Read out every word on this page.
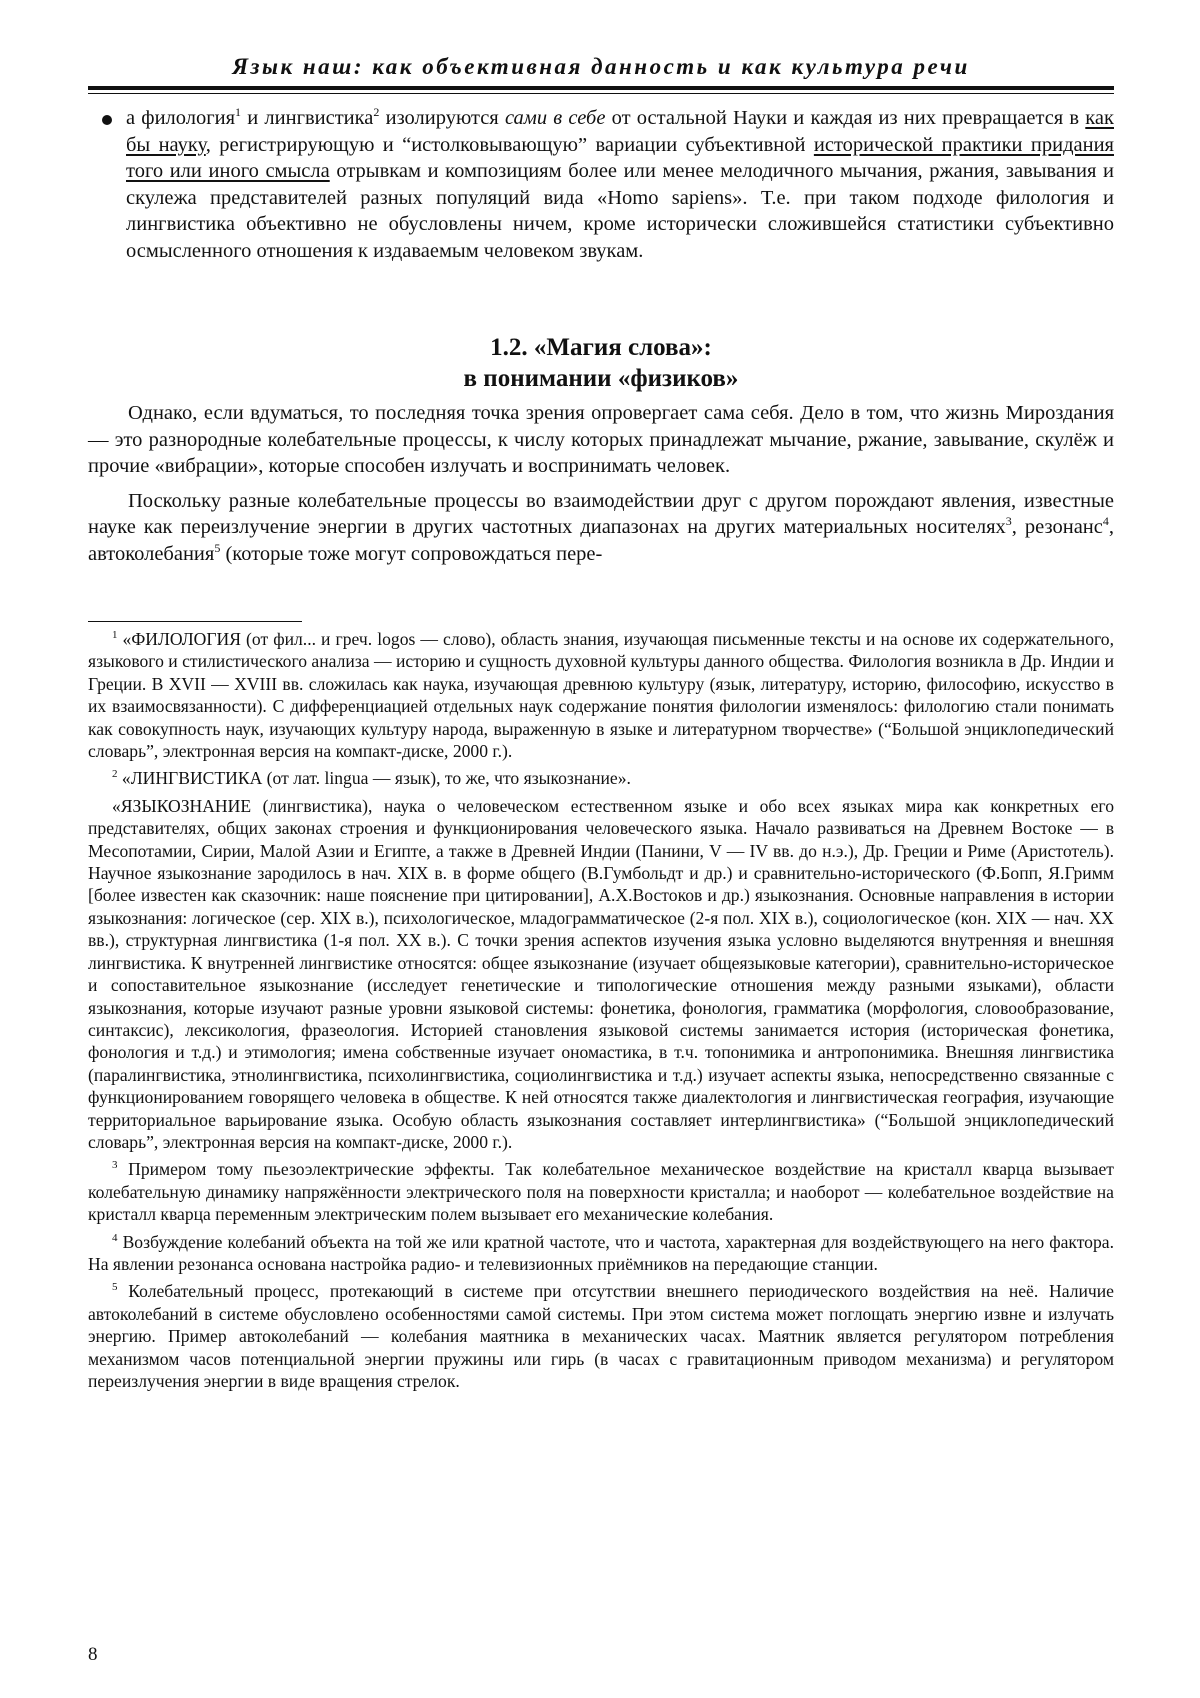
Язык наш: как объективная данность и как культура речи
а филология$^1$ и лингвистика$^2$ изолируются сами в себе от остальной Науки и каждая из них превращается в как бы науку, регистрирующую и “истолковывающую” вариации субъективной исторической практики придания того или иного смысла отрывкам и композициям более или менее мелодичного мычания, ржания, завывания и скулежа представителей разных популяций вида «Homo sapiens». Т.е. при таком подходе филология и лингвистика объективно не обусловлены ничем, кроме исторически сложившейся статистики субъективно осмысленного отношения к издаваемым человеком звукам.
1.2. «Магия слова»:
в понимании «физиков»

Однако, если вдуматься, то последняя точка зрения опровергает сама себя. Дело в том, что жизнь Мироздания — это разнородные колебательные процессы, к числу которых принадлежат мычание, ржание, завывание, скулёж и прочие «вибрации», которые способен излучать и воспринимать человек.

Поскольку разные колебательные процессы во взаимодействии друг с другом порождают явления, известные науке как переизлучение энергии в других частотных диапазонах на других материальных носителях$^3$, резонанс$^4$, автоколебания$^5$ (которые тоже могут сопровождаться пере-

$^1$ «ФИЛОЛОГИЯ (от фил... и греч. logos — слово), область знания, изучающая письменные тексты и на основе их содержательного, языкового и стилистического анализа — историю и сущность духовной культуры данного общества. Филология возникла в Др. Индии и Греции. В XVII — XVIII вв. сложилась как наука, изучающая древнюю культуру (язык, литературу, историю, философию, искусство в их взаимосвязанности). С дифференциацией отдельных наук содержание понятия филологии изменялось: филологию стали понимать как совокупность наук, изучающих культуру народа, выраженную в языке и литературном творчестве» (“Большой энциклопедический словарь”, электронная версия на компакт-диске, 2000 г.).

$^2$ «ЛИНГВИСТИКА (от лат. lingua — язык), то же, что языкознание».

«ЯЗЫКОЗНАНИЕ (лингвистика), наука о человеческом естественном языке и обо всех языках мира как конкретных его представителях, общих законах строения и функционирования человеческого языка. Начало развиваться на Древнем Востоке — в Месопотамии, Сирии, Малой Азии и Египте, а также в Древней Индии (Панини, V — IV вв. до н.э.), Др. Греции и Риме (Аристотель). Научное языкознание зародилось в нач. XIX в. в форме общего (В.Гумбольдт и др.) и сравнительно-исторического (Ф.Бопп, Я.Гримм [более известен как сказочник: наше пояснение при цитировании], А.Х.Востоков и др.) языкознания. Основные направления в истории языкознания: логическое (сер. XIX в.), психологическое, младограмматическое (2-я пол. XIX в.), социологическое (кон. XIX — нач. XX вв.), структурная лингвистика (1-я пол. XX в.). С точки зрения аспектов изучения языка условно выделяются внутренняя и внешняя лингвистика. К внутренней лингвистике относятся: общее языкознание (изучает общеязыковые категории), сравнительно-историческое и сопоставительное языкознание (исследует генетические и типологические отношения между разными языками), области языкознания, которые изучают разные уровни языковой системы: фонетика, фонология, грамматика (морфология, словообразование, синтаксис), лексикология, фразеология. Историей становления языковой системы занимается история (историческая фонетика, фонология и т.д.) и этимология; имена собственные изучает ономастика, в т.ч. топонимика и антропонимика. Внешняя лингвистика (паралингвистика, этнолингвистика, психолингвистика, социолингвистика и т.д.) изучает аспекты языка, непосредственно связанные с функционированием говорящего человека в обществе. К ней относятся также диалектология и лингвистическая география, изучающие территориальное варьирование языка. Особую область языкознания составляет интерлингвистика» (“Большой энциклопедический словарь”, электронная версия на компакт-диске, 2000 г.).

$^3$ Примером тому пьезоэлектрические эффекты. Так колебательное механическое воздействие на кристалл кварца вызывает колебательную динамику напряжённости электрического поля на поверхности кристалла; и наоборот — колебательное воздействие на кристалл кварца переменным электрическим полем вызывает его механические колебания.

$^4$ Возбуждение колебаний объекта на той же или кратной частоте, что и частота, характерная для воздействующего на него фактора. На явлении резонанса основана настройка радио- и телевизионных приёмников на передающие станции.

$^5$ Колебательный процесс, протекающий в системе при отсутствии внешнего периодического воздействия на неё. Наличие автоколебаний в системе обусловлено особенностями самой системы. При этом система может поглощать энергию извне и излучать энергию. Пример автоколебаний — колебания маятника в механических часах. Маятник является регулятором потребления механизмом часов потенциальной энергии пружины или гирь (в часах с гравитационным приводом механизма) и регулятором переизлучения энергии в виде вращения стрелок.

8
